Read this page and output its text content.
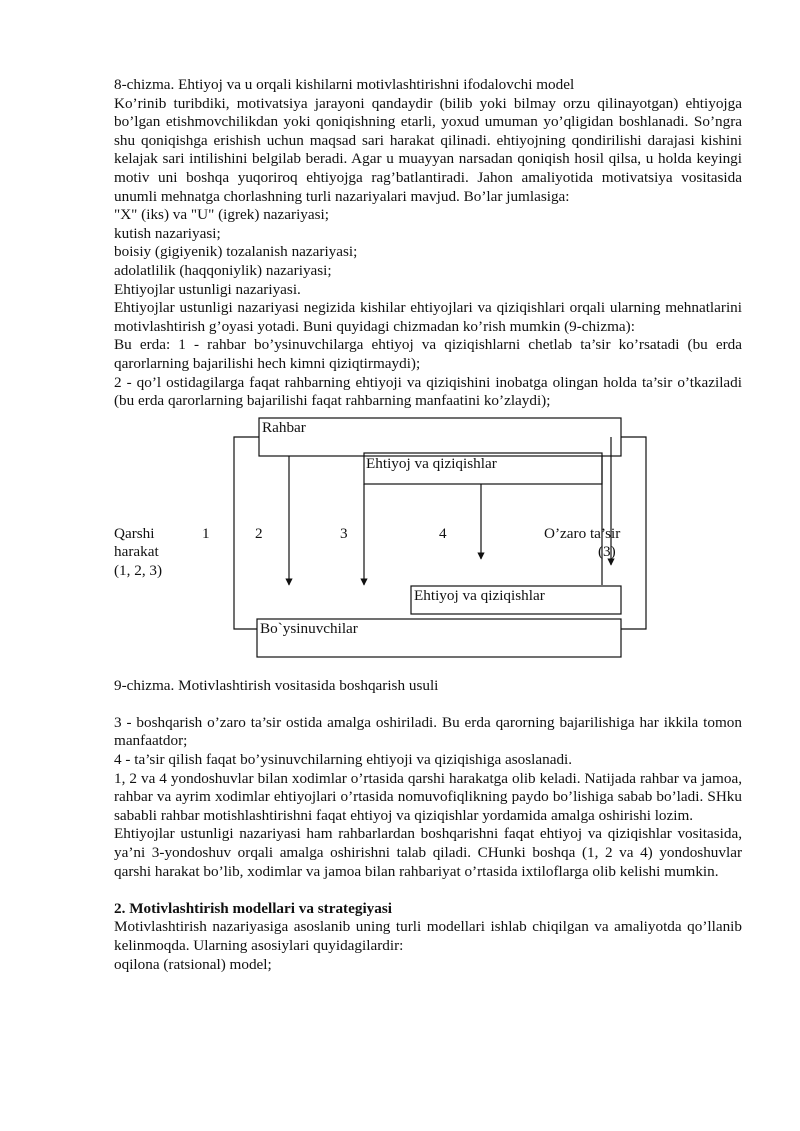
8-chizma. Ehtiyoj va u orqali kishilarni motivlashtirishni ifodalovchi model

Ko’rinib turibdiki, motivatsiya jarayoni qandaydir (bilib yoki bilmay orzu qilinayotgan) ehtiyojga bo’lgan etishmovchilikdan yoki qoniqishning etarli, yoxud umuman yo’qligidan boshlanadi. So’ngra shu qoniqishga erishish uchun maqsad sari harakat qilinadi. ehtiyojning qondirilishi darajasi kishini kelajak sari intilishini belgilab beradi. Agar u muayyan narsadan qoniqish hosil qilsa, u holda keyingi motiv uni boshqa yuqoriroq ehtiyojga rag’batlantiradi. Jahon amaliyotida motivatsiya vositasida unumli mehnatga chorlashning turli nazariyalari mavjud. Bo’lar jumlasiga:

"X" (iks) va "U" (igrek) nazariyasi;

kutish nazariyasi;

boisiy (gigiyenik) tozalanish nazariyasi;

adolatlilik (haqqoniylik) nazariyasi;

Ehtiyojlar ustunligi nazariyasi.

Ehtiyojlar ustunligi nazariyasi negizida kishilar ehtiyojlari va qiziqishlari orqali ularning mehnatlarini motivlashtirish g’oyasi yotadi. Buni quyidagi chizmadan ko’rish mumkin (9-chizma):

Bu erda: 1 - rahbar bo’ysinuvchilarga ehtiyoj va qiziqishlarni chetlab ta’sir ko’rsatadi (bu erda qarorlarning bajarilishi hech kimni qiziqtirmaydi);

2 - qo’l ostidagilarga faqat rahbarning ehtiyoji va qiziqishini inobatga olingan holda ta’sir o’tkaziladi (bu erda qarorlarning bajarilishi faqat rahbarning manfaatini ko’zlaydi);

Rahbar
Ehtiyoj va qiziqishlar
Ehtiyoj va qiziqishlar
Bo`ysinuvchilar
Qarshi
harakat
(1, 2, 3)
1	2	3	4	O’zaro ta’sir
(3)

9-chizma. Motivlashtirish vositasida boshqarish usuli

3 - boshqarish o’zaro ta’sir ostida amalga oshiriladi. Bu erda qarorning bajarilishiga har ikkila tomon manfaatdor;

4 - ta’sir qilish faqat bo’ysinuvchilarning ehtiyoji va qiziqishiga asoslanadi.

1, 2 va 4 yondoshuvlar bilan xodimlar o’rtasida qarshi harakatga olib keladi. Natijada rahbar va jamoa, rahbar va ayrim xodimlar ehtiyojlari o’rtasida nomuvofiqlikning paydo bo’lishiga sabab bo’ladi. SHku sababli rahbar motishlashtirishni faqat ehtiyoj va qiziqishlar yordamida amalga oshirishi lozim.

Ehtiyojlar ustunligi nazariyasi ham rahbarlardan boshqarishni faqat ehtiyoj va qiziqishlar vositasida, ya’ni 3-yondoshuv orqali amalga oshirishni talab qiladi. CHunki boshqa (1, 2 va 4) yondoshuvlar qarshi harakat bo’lib, xodimlar va jamoa bilan rahbariyat o’rtasida ixtiloflarga olib kelishi mumkin.

2. Motivlashtirish modellari va strategiyasi

Motivlashtirish nazariyasiga asoslanib uning turli modellari ishlab chiqilgan va amaliyotda qo’llanib kelinmoqda. Ularning asosiylari quyidagilardir:

oqilona (ratsional) model;
